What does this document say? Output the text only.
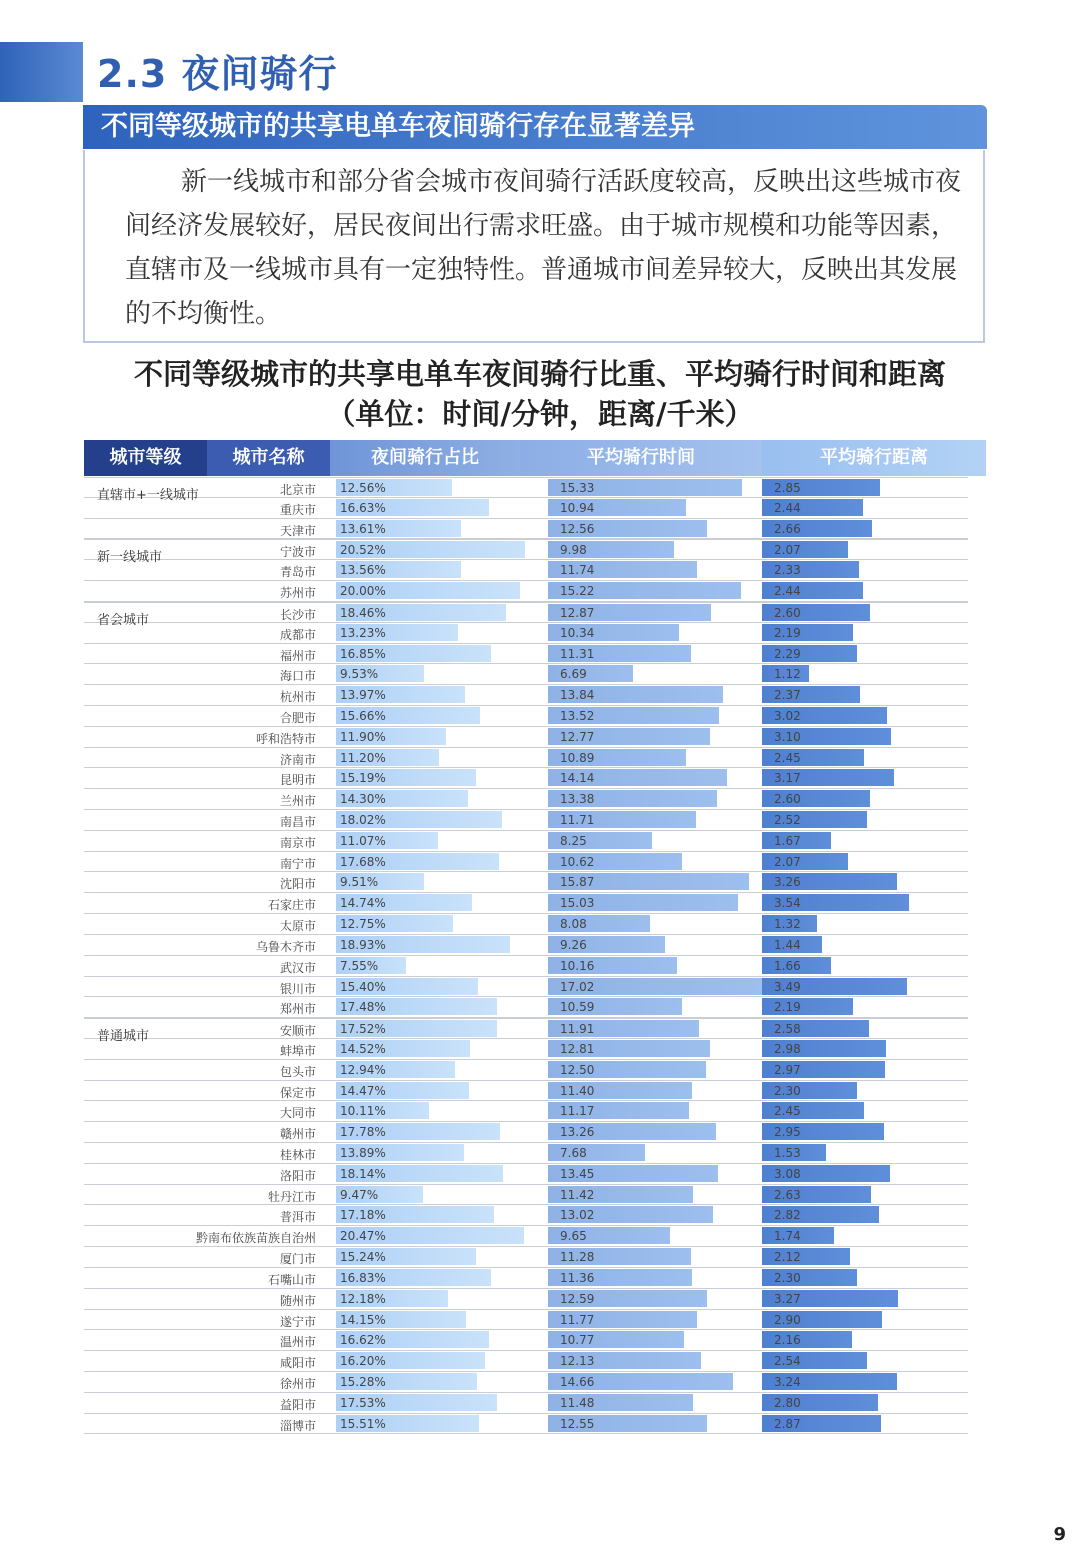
2.3 夜间骑行
不同等级城市的共享电单车夜间骑行存在显著差异

新一线城市和部分省会城市夜间骑行活跃度较高，反映出这些城市夜间经济发展较好，居民夜间出行需求旺盛。由于城市规模和功能等因素，直辖市及一线城市具有一定独特性。普通城市间差异较大，反映出其发展的不均衡性。

不同等级城市的共享电单车夜间骑行比重、平均骑行时间和距离
（单位：时间/分钟，距离/千米）
城市等级	城市名称	夜间骑行占比	平均骑行时间	平均骑行距离
直辖市+一线城市	北京市 12.56%	15.33	2.85
重庆市 16.63%	10.94	2.44
天津市 13.61%	12.56	2.66
新一线城市	宁波市 20.52%	9.98	2.07
青岛市 13.56%	11.74	2.33
苏州市 20.00%	15.22	2.44
省会城市	长沙市 18.46%	12.87	2.60
成都市 13.23%	10.34	2.19
福州市 16.85%	11.31	2.29
海口市 9.53%	6.69	1.12
杭州市 13.97%	13.84	2.37
合肥市 15.66%	13.52	3.02
呼和浩特市 11.90%	12.77	3.10
济南市 11.20%	10.89	2.45
昆明市 15.19%	14.14	3.17
兰州市 14.30%	13.38	2.60
南昌市 18.02%	11.71	2.52
南京市 11.07%	8.25	1.67
南宁市 17.68%	10.62	2.07
沈阳市 9.51%	15.87	3.26
石家庄市 14.74%	15.03	3.54
太原市 12.75%	8.08	1.32
乌鲁木齐市 18.93%	9.26	1.44
武汉市 7.55%	10.16	1.66
银川市 15.40%	17.02	3.49
郑州市 17.48%	10.59	2.19
普通城市	安顺市 17.52%	11.91	2.58
蚌埠市 14.52%	12.81	2.98
包头市 12.94%	12.50	2.97
保定市 14.47%	11.40	2.30
大同市 10.11%	11.17	2.45
赣州市 17.78%	13.26	2.95
桂林市 13.89%	7.68	1.53
洛阳市 18.14%	13.45	3.08
牡丹江市 9.47%	11.42	2.63
普洱市 17.18%	13.02	2.82
黔南布依族苗族自治州 20.47%	9.65	1.74
厦门市 15.24%	11.28	2.12
石嘴山市 16.83%	11.36	2.30
随州市 12.18%	12.59	3.27
遂宁市 14.15%	11.77	2.90
温州市 16.62%	10.77	2.16
咸阳市 16.20%	12.13	2.54
徐州市 15.28%	14.66	3.24
益阳市 17.53%	11.48	2.80
淄博市 15.51%	12.55	2.87
9
